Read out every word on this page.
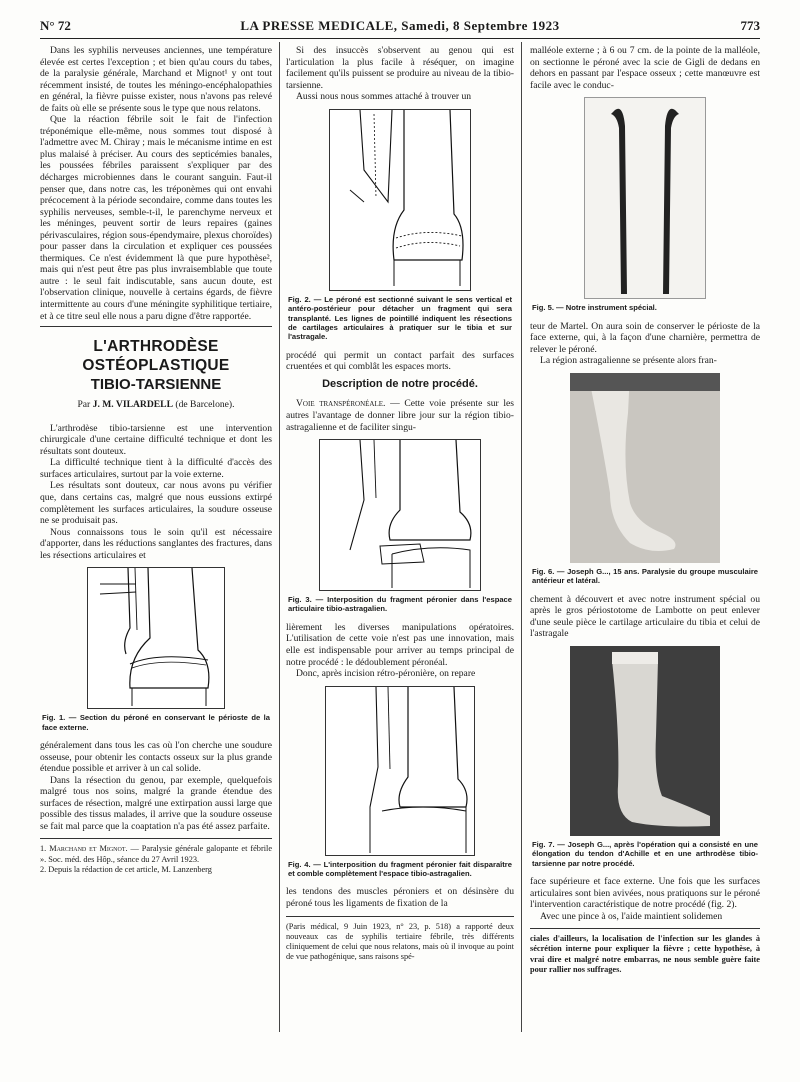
N° 72	LA PRESSE MEDICALE, Samedi, 8 Septembre 1923	773

Dans les syphilis nerveuses anciennes, une température élevée est certes l'exception ; et bien qu'au cours du tabes, de la paralysie générale, Marchand et Mignot¹ y ont tout récemment insisté, de toutes les méningo-encéphalopathies en général, la fièvre puisse exister, nous n'avons pas relevé de faits où elle se présente sous le type que nous relatons.

Que la réaction fébrile soit le fait de l'infection tréponémique elle-même, nous sommes tout disposé à l'admettre avec M. Chiray ; mais le mécanisme intime en est plus malaisé à préciser. Au cours des septicémies banales, les poussées fébriles paraissent s'expliquer par des décharges microbiennes dans le courant sanguin. Faut-il penser que, dans notre cas, les tréponèmes qui ont envahi précocement à la période secondaire, comme dans toutes les syphilis nerveuses, semble-t-il, le parenchyme nerveux et les méninges, peuvent sortir de leurs repaires (gaines périvasculaires, région sous-épendymaire, plexus choroïdes) pour passer dans la circulation et expliquer ces poussées thermiques. Ce n'est évidemment là que pure hypothèse², mais qui n'est peut être pas plus invraisemblable que toute autre : le seul fait indiscutable, sans aucun doute, est l'observation clinique, nouvelle à certains égards, de fièvre intermittente au cours d'une méningite syphilitique tertiaire, et à ce titre seul elle nous a paru digne d'être rapportée.

L'ARTHRODÈSE OSTÉOPLASTIQUE
TIBIO-TARSIENNE
Par J. M. VILARDELL (de Barcelone).

L'arthrodèse tibio-tarsienne est une intervention chirurgicale d'une certaine difficulté technique et dont les résultats sont douteux.

La difficulté technique tient à la difficulté d'accès des surfaces articulaires, surtout par la voie externe.

Les résultats sont douteux, car nous avons pu vérifier que, dans certains cas, malgré que nous eussions extirpé complètement les surfaces articulaires, la soudure osseuse ne se produisait pas.

Nous connaissons tous le soin qu'il est nécessaire d'apporter, dans les réductions sanglantes des fractures, dans les résections articulaires et

Fig. 1. — Section du péroné en conservant le périoste de la face externe.

généralement dans tous les cas où l'on cherche une soudure osseuse, pour obtenir les contacts osseux sur la plus grande étendue possible et arriver à un cal solide.

Dans la résection du genou, par exemple, quelquefois malgré tous nos soins, malgré la grande étendue des surfaces de résection, malgré une extirpation aussi large que possible des tissus malades, il arrive que la soudure osseuse se fait mal parce que la coaptation n'a pas été assez parfaite.

1. Marchand et Mignot. — Paralysie générale galopante et fébrile ». Soc. méd. des Hôp., séance du 27 Avril 1923.
2. Depuis la rédaction de cet article, M. Lanzenberg

Si des insuccès s'observent au genou qui est l'articulation la plus facile à réséquer, on imagine facilement qu'ils puissent se produire au niveau de la tibio-tarsienne.

Aussi nous nous sommes attaché à trouver un

Fig. 2. — Le péroné est sectionné suivant le sens vertical et antéro-postérieur pour détacher un fragment qui sera transplanté. Les lignes de pointillé indiquent les résections de cartilages articulaires à pratiquer sur le tibia et sur l'astragale.

procédé qui permit un contact parfait des surfaces cruentées et qui comblât les espaces morts.

Description de notre procédé.

Voie transpéronéale. — Cette voie présente sur les autres l'avantage de donner libre jour sur la région tibio-astragalienne et de faciliter singu-

Fig. 3. — Interposition du fragment péronier dans l'espace articulaire tibio-astragalien.

lièrement les diverses manipulations opératoires. L'utilisation de cette voie n'est pas une innovation, mais elle est indispensable pour arriver au temps principal de notre procédé : le dédoublement péronéal.

Donc, après incision rétro-péronière, on repare

Fig. 4. — L'interposition du fragment péronier fait disparaître et comble complètement l'espace tibio-astragalien.

les tendons des muscles péroniers et on désinsère du péroné tous les ligaments de fixation de la

(Paris médical, 9 Juin 1923, n° 23, p. 518) a rapporté deux nouveaux cas de syphilis tertiaire fébrile, très différents cliniquement de celui que nous relatons, mais où il invoque au point de vue pathogénique, sans raisons spé-

malléole externe ; à 6 ou 7 cm. de la pointe de la malléole, on sectionne le péroné avec la scie de Gigli de dedans en dehors en passant par l'espace osseux ; cette manœuvre est facile avec le conduc-

Fig. 5. — Notre instrument spécial.

teur de Martel. On aura soin de conserver le périoste de la face externe, qui, à la façon d'une charnière, permettra de relever le péroné.

La région astragalienne se présente alors fran-

Fig. 6. — Joseph G..., 15 ans. Paralysie du groupe musculaire antérieur et latéral.

chement à découvert et avec notre instrument spécial ou après le gros périostotome de Lambotte on peut enlever d'une seule pièce le cartilage articulaire du tibia et celui de l'astragale

Fig. 7. — Joseph G..., après l'opération qui a consisté en une élongation du tendon d'Achille et en une arthrodèse tibio-tarsienne par notre procédé.

face supérieure et face externe. Une fois que les surfaces articulaires sont bien avivées, nous pratiquons sur le péroné l'intervention caractéristique de notre procédé (fig. 2).

Avec une pince à os, l'aide maintient solidemen

ciales d'ailleurs, la localisation de l'infection sur les glandes à sécrétion interne pour expliquer la fièvre ; cette hypothèse, à vrai dire et malgré notre embarras, ne nous semble guère faite pour rallier nos suffrages.
